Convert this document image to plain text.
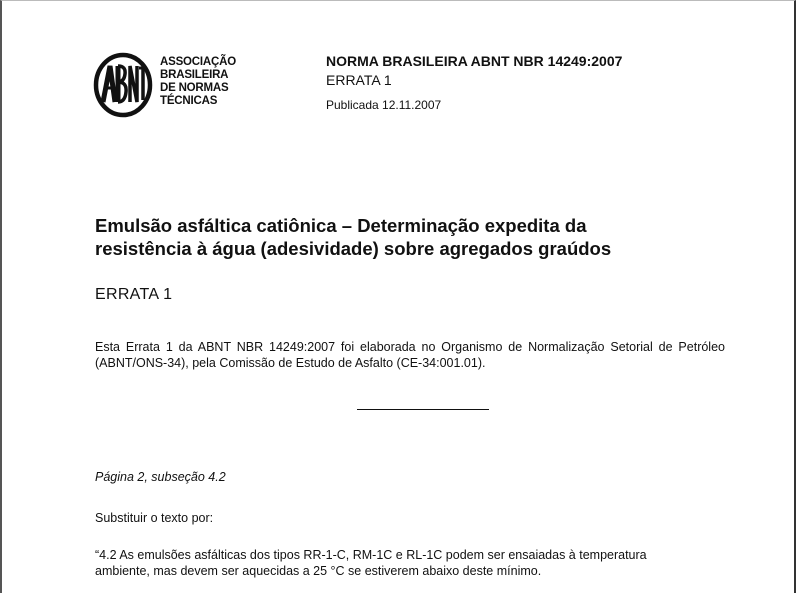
ASSOCIAÇÃO
BRASILEIRA
DE NORMAS
TÉCNICAS
NORMA BRASILEIRA ABNT NBR 14249:2007
ERRATA 1
Publicada 12.11.2007
Emulsão asfáltica catiônica – Determinação expedita da
resistência à água (adesividade) sobre agregados graúdos
ERRATA 1
Esta Errata 1 da ABNT NBR 14249:2007 foi elaborada no Organismo de Normalização Setorial de Petróleo (ABNT/ONS-34), pela Comissão de Estudo de Asfalto (CE-34:001.01).
Página 2, subseção 4.2
Substituir o texto por:
“4.2 As emulsões asfálticas dos tipos RR-1-C, RM-1C e RL-1C podem ser ensaiadas à temperatura
ambiente, mas devem ser aquecidas a 25 °C se estiverem abaixo deste mínimo.
